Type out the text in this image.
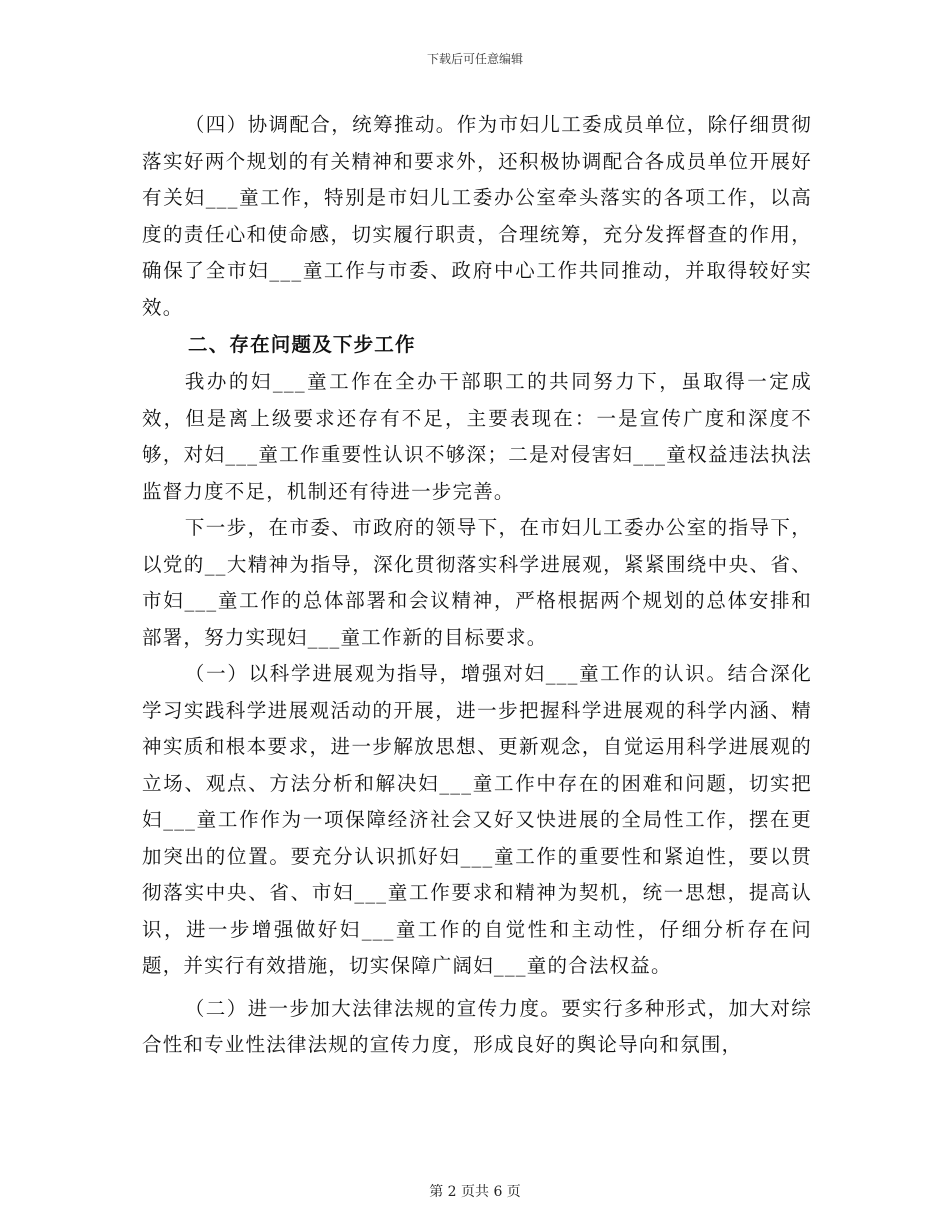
下载后可任意编辑

（四）协调配合，统筹推动。作为市妇儿工委成员单位，除仔细贯彻落实好两个规划的有关精神和要求外，还积极协调配合各成员单位开展好有关妇___童工作，特别是市妇儿工委办公室牵头落实的各项工作，以高度的责任心和使命感，切实履行职责，合理统筹，充分发挥督查的作用，确保了全市妇___童工作与市委、政府中心工作共同推动，并取得较好实效。

二、存在问题及下步工作

我办的妇___童工作在全办干部职工的共同努力下，虽取得一定成效，但是离上级要求还存有不足，主要表现在：一是宣传广度和深度不够，对妇___童工作重要性认识不够深；二是对侵害妇___童权益违法执法监督力度不足，机制还有待进一步完善。

下一步，在市委、市政府的领导下，在市妇儿工委办公室的指导下，以党的__大精神为指导，深化贯彻落实科学进展观，紧紧围绕中央、省、市妇___童工作的总体部署和会议精神，严格根据两个规划的总体安排和部署，努力实现妇___童工作新的目标要求。

（一）以科学进展观为指导，增强对妇___童工作的认识。结合深化学习实践科学进展观活动的开展，进一步把握科学进展观的科学内涵、精神实质和根本要求，进一步解放思想、更新观念，自觉运用科学进展观的立场、观点、方法分析和解决妇___童工作中存在的困难和问题，切实把妇___童工作作为一项保障经济社会又好又快进展的全局性工作，摆在更加突出的位置。要充分认识抓好妇___童工作的重要性和紧迫性，要以贯彻落实中央、省、市妇___童工作要求和精神为契机，统一思想，提高认识，进一步增强做好妇___童工作的自觉性和主动性，仔细分析存在问题，并实行有效措施，切实保障广阔妇___童的合法权益。

（二）进一步加大法律法规的宣传力度。要实行多种形式，加大对综合性和专业性法律法规的宣传力度，形成良好的舆论导向和氛围，

第 2 页共 6 页
